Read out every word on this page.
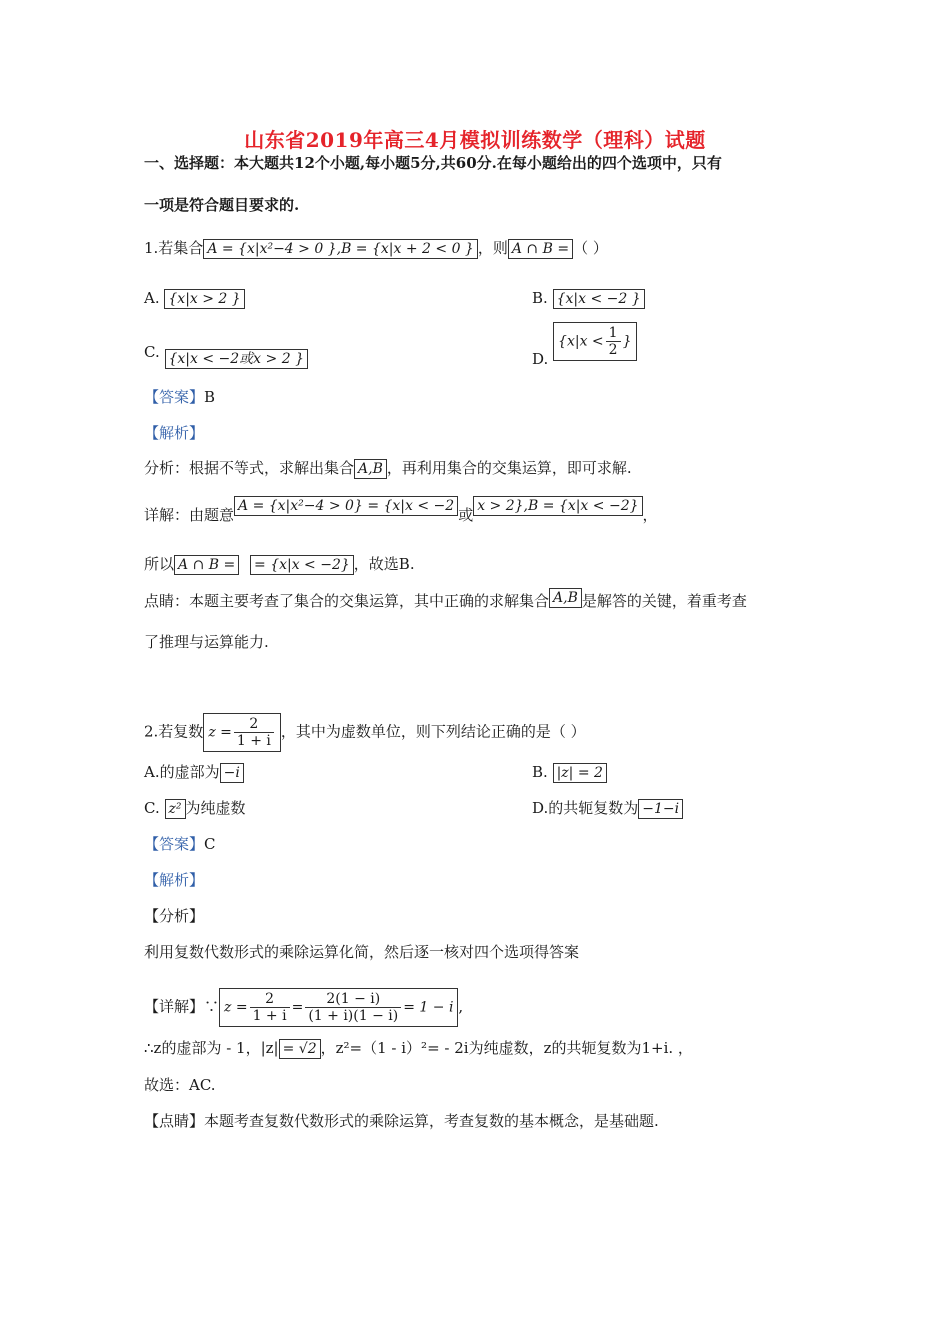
山东省2019年高三4月模拟训练数学（理科）试题
一、选择题：本大题共12个小题,每小题5分,共60分.在每小题给出的四个选项中，只有
一项是符合题目要求的.
1.若集合 A = {x|x²−4 > 0 },B = {x|x + 2 < 0 } ，则 A ∩ B = （ ）
A. {x|x > 2 }	B. {x|x < −2 }
C. {x|x < −2或x > 2 }	D. {$x|x < \frac{1}{2}$ }
【答案】B
【解析】
分析：根据不等式，求解出集合 A,B ，再利用集合的交集运算，即可求解.
详解：由题意 A = {x|x²−4 > 0} = {x|x < −2 或 x > 2},B = {x|x < −2} ，
所以 A ∩ B = = {x|x < −2} ，故选B.
点睛：本题主要考查了集合的交集运算，其中正确的求解集合 A,B 是解答的关键，着重考查
了推理与运算能力.
2.若复数 $z = \frac{2}{1 + i}$ ，其中为虚数单位，则下列结论正确的是（ ）
A.的虚部为 −i	B. |z| = 2
C. z² 为纯虚数	D.的共轭复数为 −1−i
【答案】C
【解析】
【分析】
利用复数代数形式的乘除运算化简，然后逐一核对四个选项得答案
【详解】∵ $z = \frac{2}{1 + i} = \frac{2(1 - i)}{(1 + i)(1 - i)} = 1 - i$ ,
∴z的虚部为 - 1，|z| = √2 ，z²=（1 - i）²= - 2i为纯虚数，z的共轭复数为1+i. ，
故选：AC.
【点睛】本题考查复数代数形式的乘除运算，考查复数的基本概念，是基础题.
